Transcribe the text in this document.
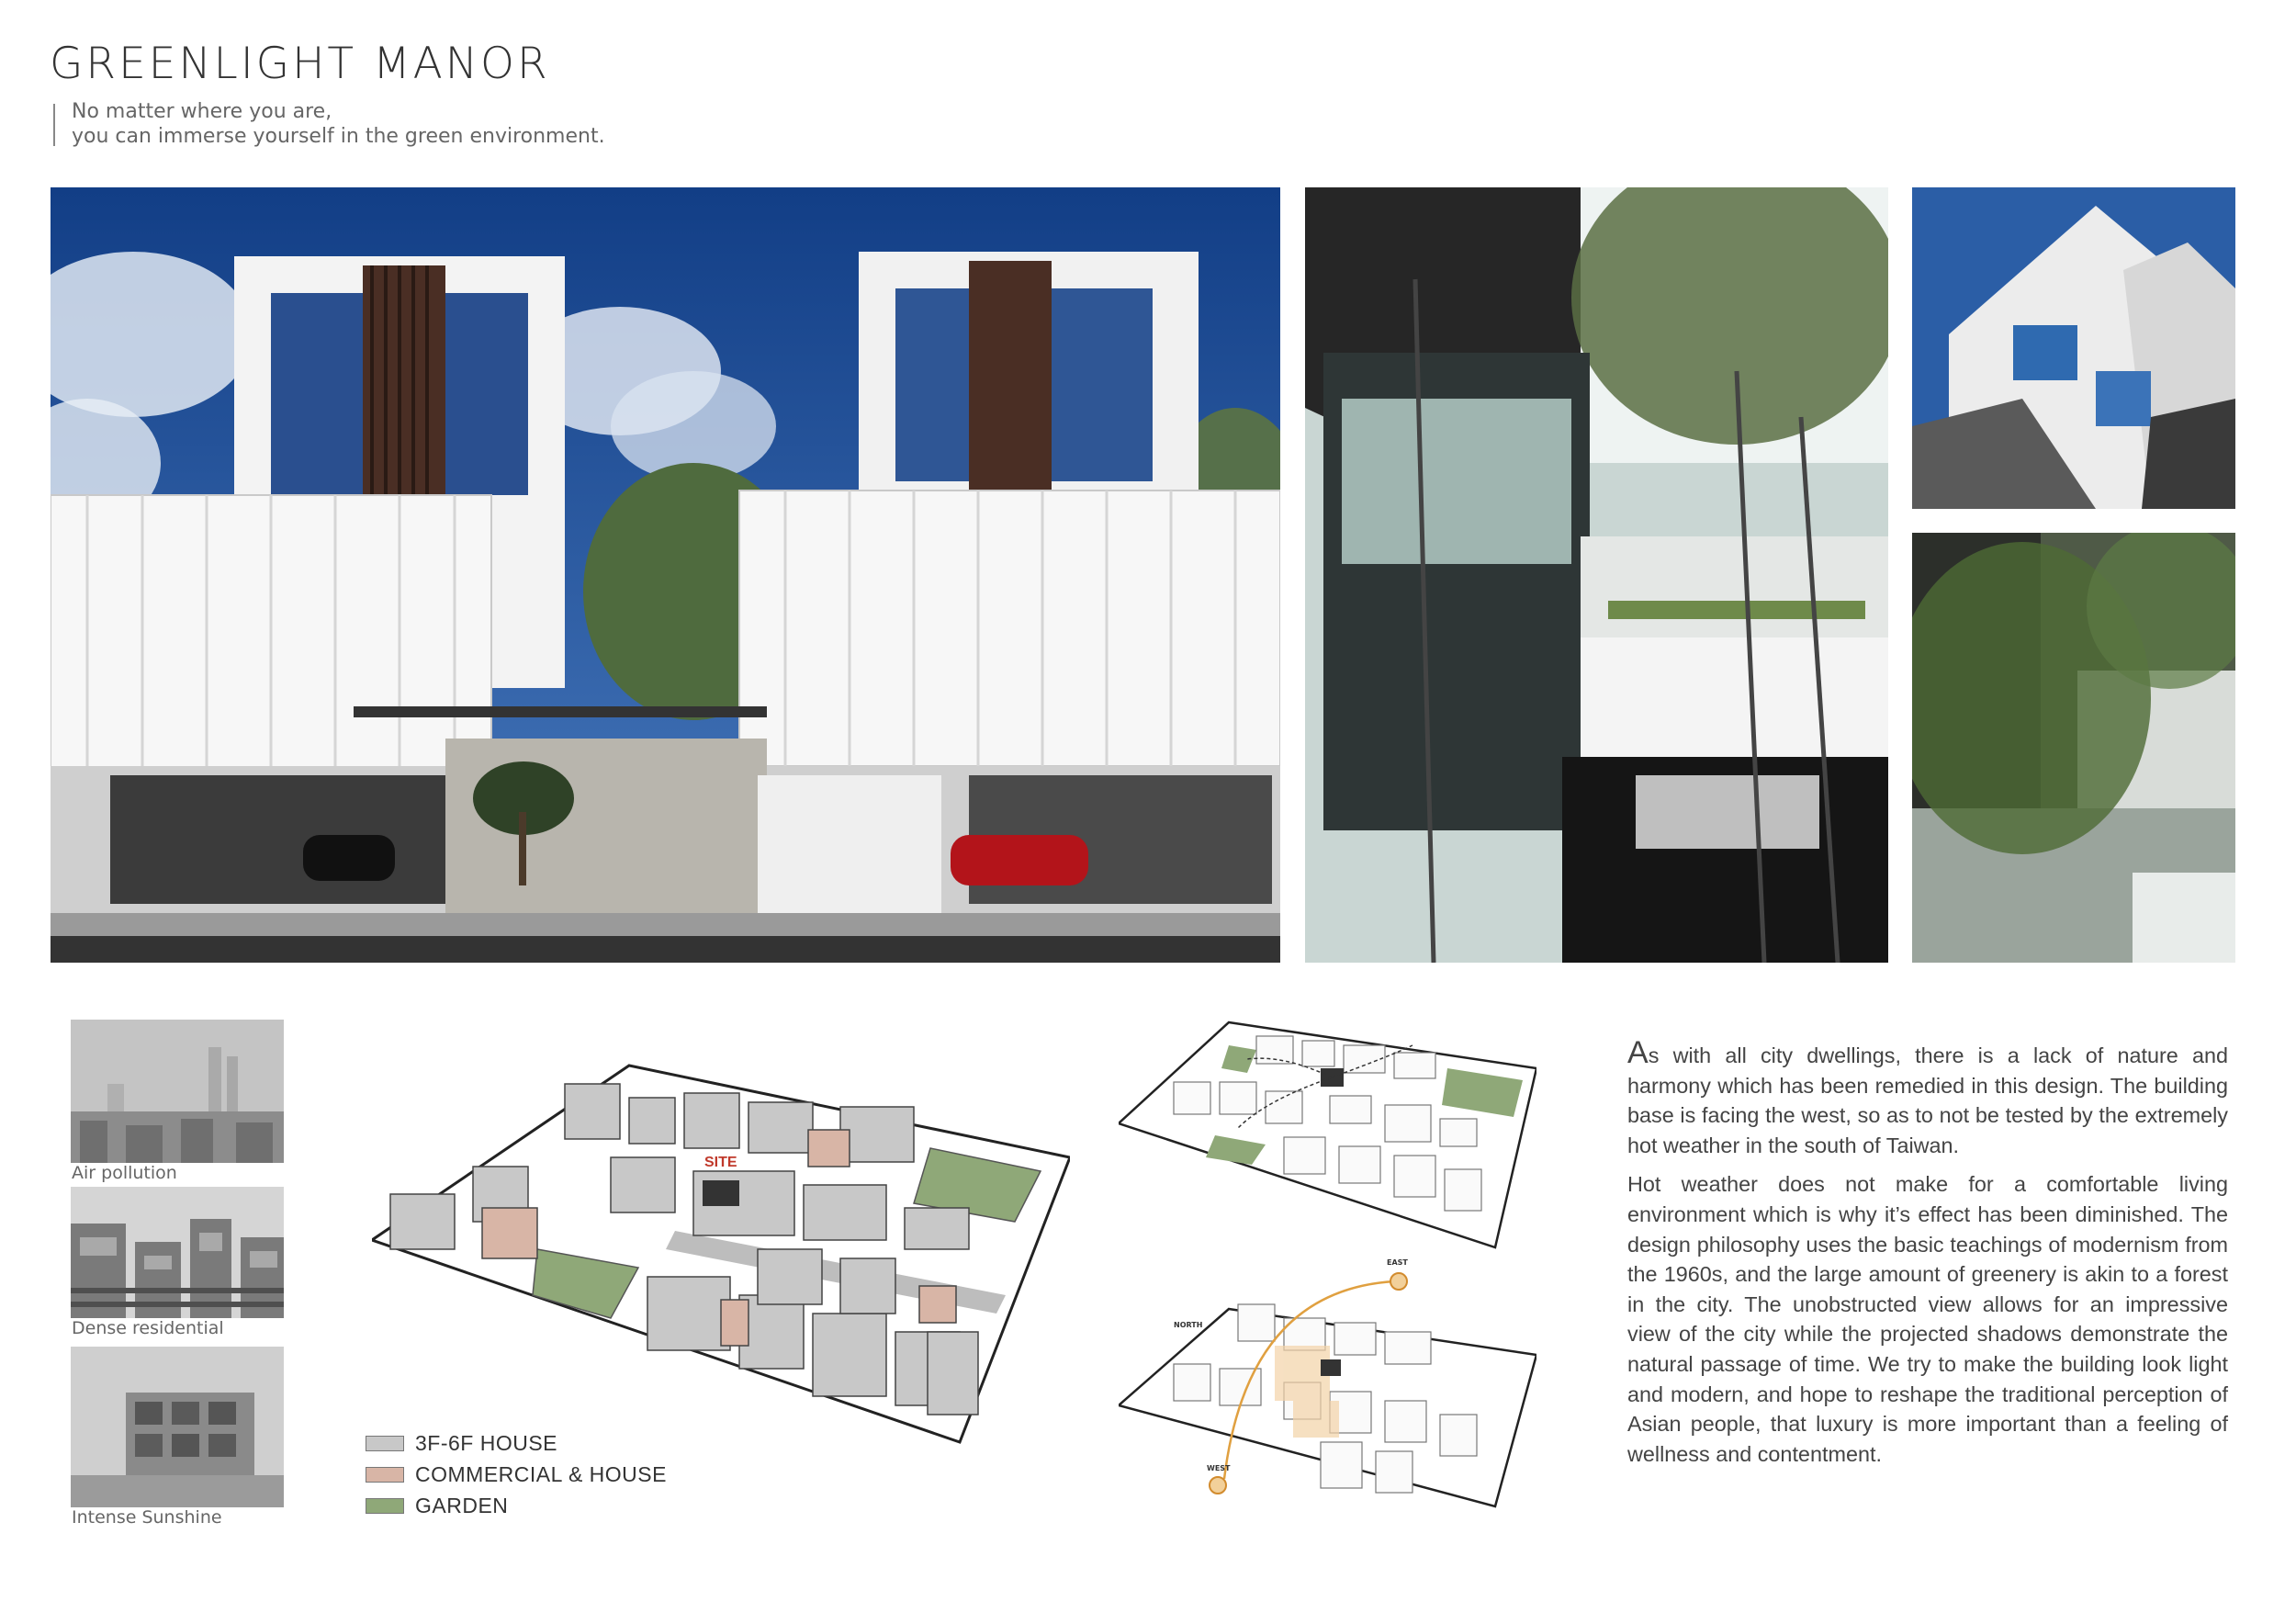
GREENLIGHT MANOR
No matter where you are,
you can immerse yourself in the green environment.
Air pollution
Dense residential
Intense Sunshine
SITE
3F-6F HOUSE
COMMERCIAL & HOUSE
GARDEN
EAST
NORTH
WEST

As with all city dwellings, there is a lack of nature and harmony which has been remedied in this design. The building base is facing the west, so as to not be tested by the extremely hot weather in the south of Taiwan.

Hot weather does not make for a comfortable living environment which is why it’s effect has been diminished. The design philosophy uses the basic teachings of modernism from the 1960s, and the large amount of greenery is akin to a forest in the city. The unobstructed view allows for an impressive view of the city while the projected shadows demonstrate the natural passage of time. We try to make the building look light and modern, and hope to reshape the traditional perception of Asian people, that luxury is more important than a feeling of wellness and contentment.
